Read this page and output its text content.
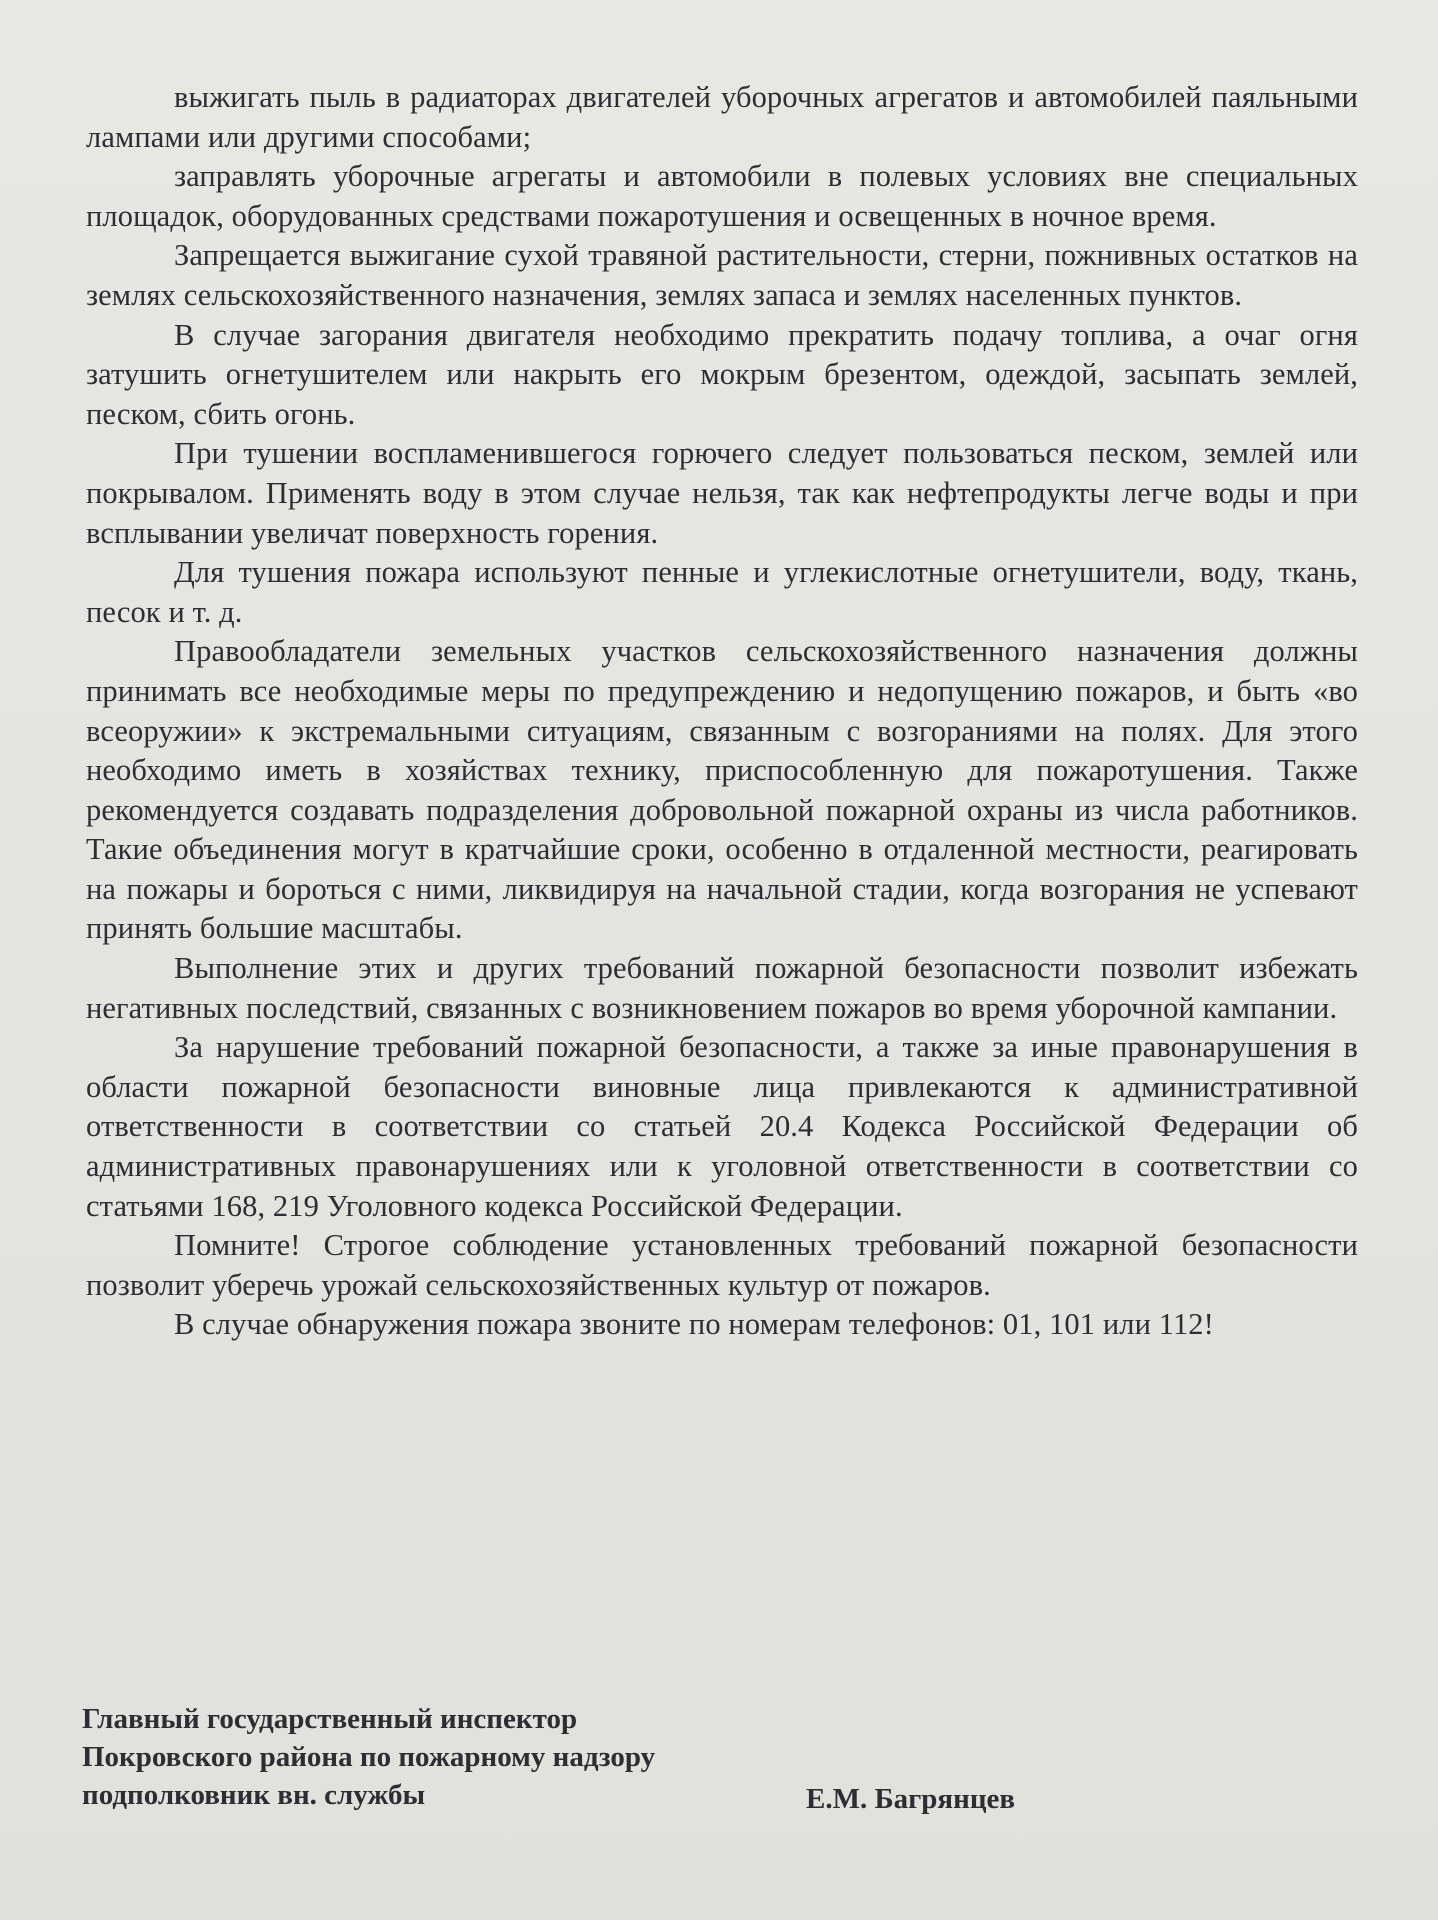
выжигать пыль в радиаторах двигателей уборочных агрегатов и автомобилей паяльными лампами или другими способами;

заправлять уборочные агрегаты и автомобили в полевых условиях вне специальных площадок, оборудованных средствами пожаротушения и освещенных в ночное время.

Запрещается выжигание сухой травяной растительности, стерни, пожнивных остатков на землях сельскохозяйственного назначения, землях запаса и землях населенных пунктов.

В случае загорания двигателя необходимо прекратить подачу топлива, а очаг огня затушить огнетушителем или накрыть его мокрым брезентом, одеждой, засыпать землей, песком, сбить огонь.

При тушении воспламенившегося горючего следует пользоваться песком, землей или покрывалом. Применять воду в этом случае нельзя, так как нефтепродукты легче воды и при всплывании увеличат поверхность горения.

Для тушения пожара используют пенные и углекислотные огнетушители, воду, ткань, песок и т. д.

Правообладатели земельных участков сельскохозяйственного назначения должны принимать все необходимые меры по предупреждению и недопущению пожаров, и быть «во всеоружии» к экстремальными ситуациям, связанным с возгораниями на полях. Для этого необходимо иметь в хозяйствах технику, приспособленную для пожаротушения. Также рекомендуется создавать подразделения добровольной пожарной охраны из числа работников. Такие объединения могут в кратчайшие сроки, особенно в отдаленной местности, реагировать на пожары и бороться с ними, ликвидируя на начальной стадии, когда возгорания не успевают принять большие масштабы.

Выполнение этих и других требований пожарной безопасности позволит избежать негативных последствий, связанных с возникновением пожаров во время уборочной кампании.

За нарушение требований пожарной безопасности, а также за иные правонарушения в области пожарной безопасности виновные лица привлекаются к административной ответственности в соответствии со статьей 20.4 Кодекса Российской Федерации об административных правонарушениях или к уголовной ответственности в соответствии со статьями 168, 219 Уголовного кодекса Российской Федерации.

Помните! Строгое соблюдение установленных требований пожарной безопасности позволит уберечь урожай сельскохозяйственных культур от пожаров.

В случае обнаружения пожара звоните по номерам телефонов: 01, 101 или 112!

Главный государственный инспектор
Покровского района по пожарному надзору
подполковник вн. службы	Е.М. Багрянцев
